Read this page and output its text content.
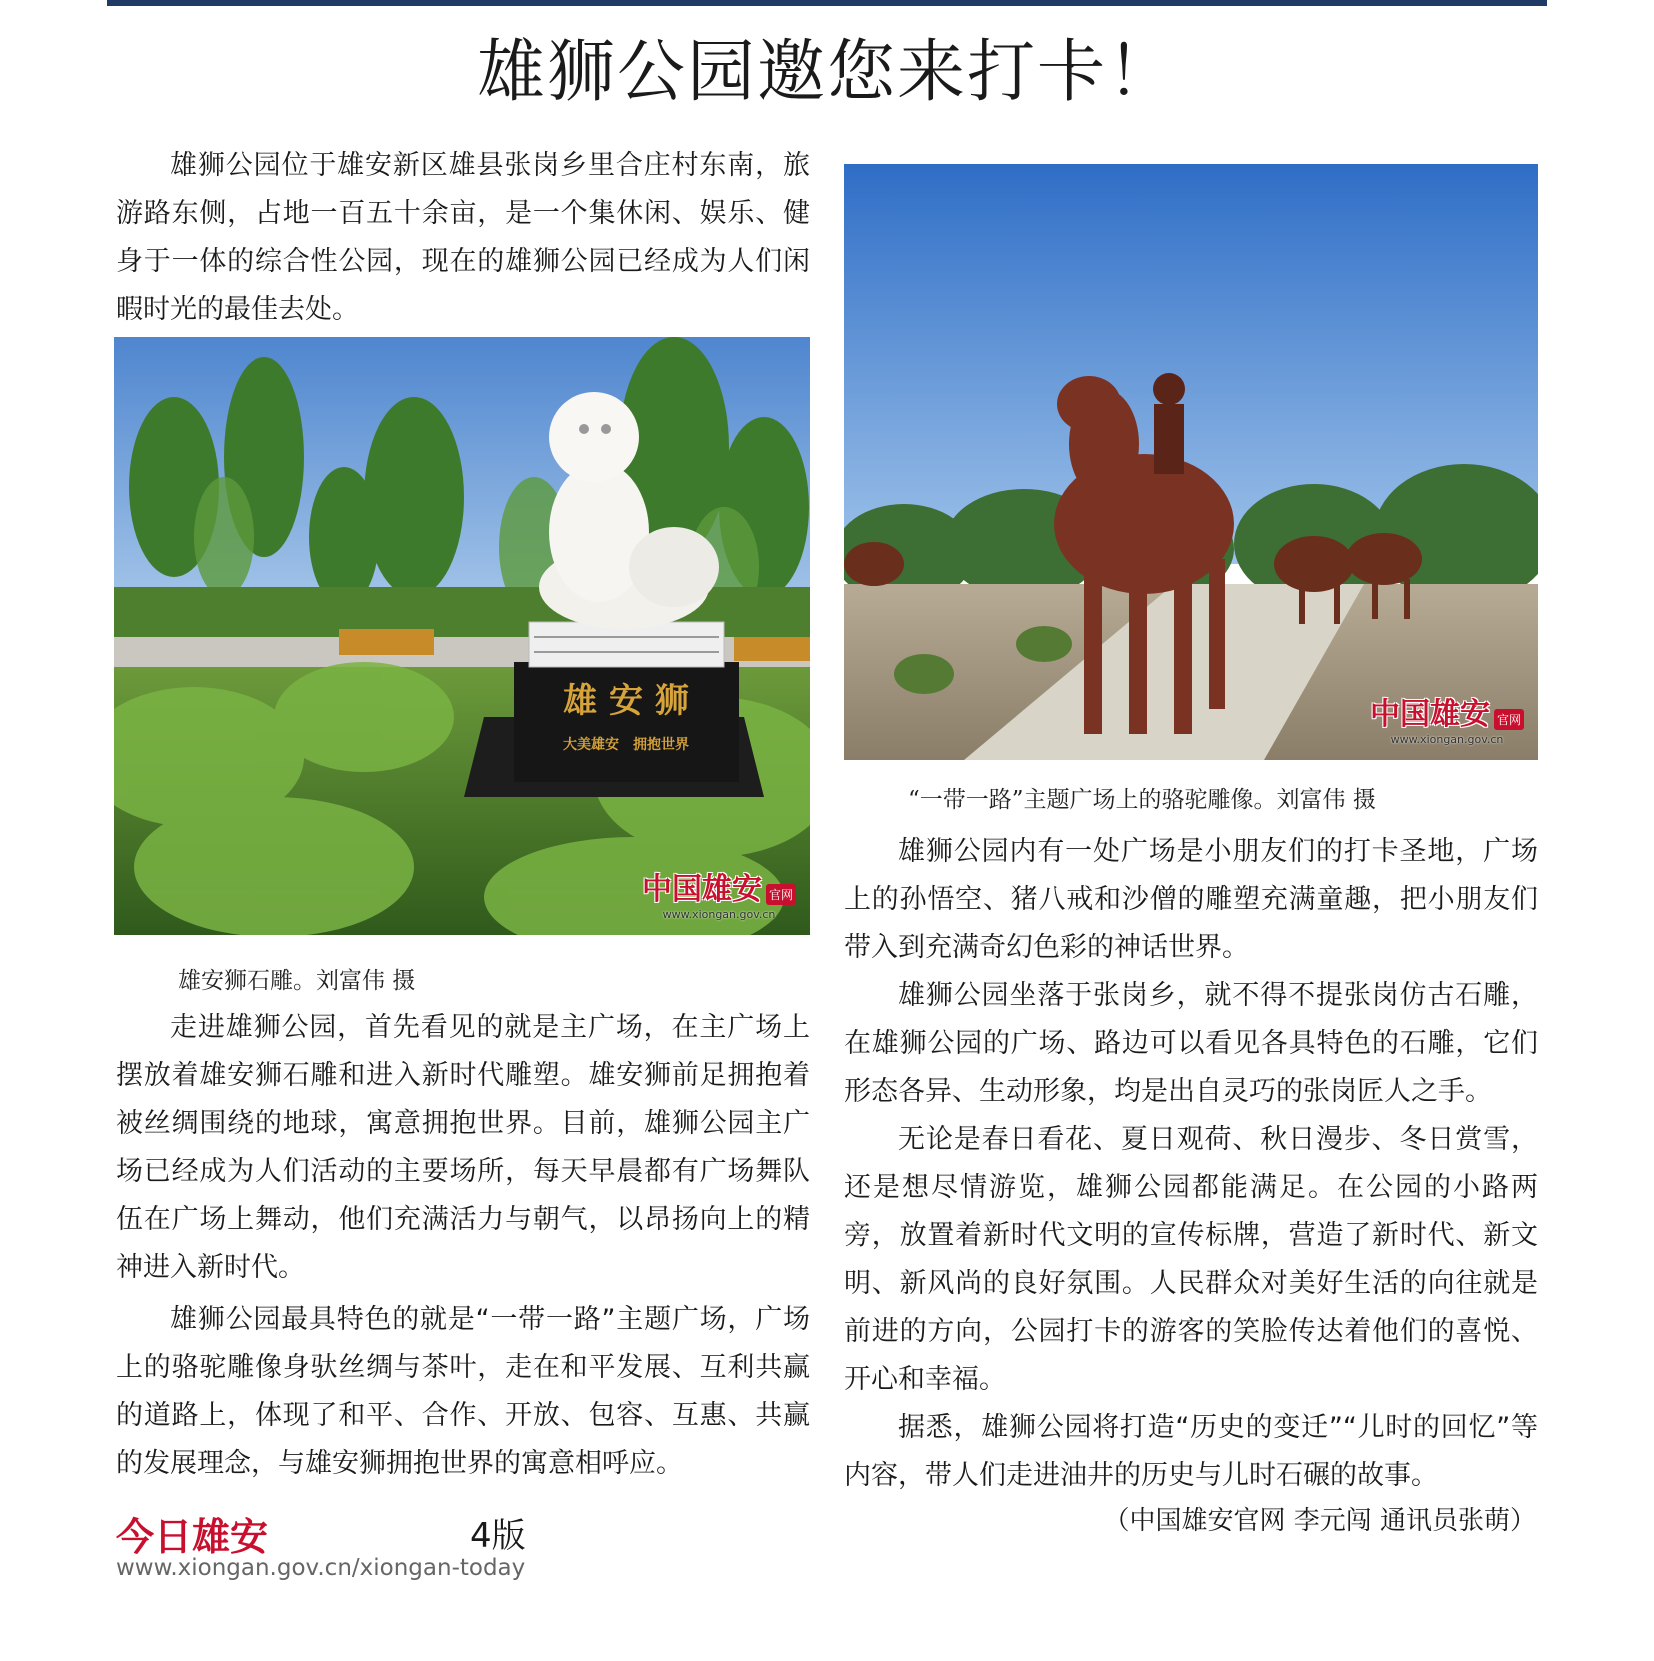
雄狮公园邀您来打卡！

雄狮公园位于雄安新区雄县张岗乡里合庄村东南，旅游路东侧，占地一百五十余亩，是一个集休闲、娱乐、健身于一体的综合性公园，现在的雄狮公园已经成为人们闲暇时光的最佳去处。

雄 安 狮
大美雄安　拥抱世界
中国雄安 官网
www.xiongan.gov.cn
雄安狮石雕。刘富伟 摄

走进雄狮公园，首先看见的就是主广场，在主广场上摆放着雄安狮石雕和进入新时代雕塑。雄安狮前足拥抱着被丝绸围绕的地球，寓意拥抱世界。目前，雄狮公园主广场已经成为人们活动的主要场所，每天早晨都有广场舞队伍在广场上舞动，他们充满活力与朝气，以昂扬向上的精神进入新时代。

雄狮公园最具特色的就是“一带一路”主题广场，广场上的骆驼雕像身驮丝绸与茶叶，走在和平发展、互利共赢的道路上，体现了和平、合作、开放、包容、互惠、共赢的发展理念，与雄安狮拥抱世界的寓意相呼应。

中国雄安 官网
www.xiongan.gov.cn
“一带一路”主题广场上的骆驼雕像。刘富伟 摄

雄狮公园内有一处广场是小朋友们的打卡圣地，广场上的孙悟空、猪八戒和沙僧的雕塑充满童趣，把小朋友们带入到充满奇幻色彩的神话世界。

雄狮公园坐落于张岗乡，就不得不提张岗仿古石雕，在雄狮公园的广场、路边可以看见各具特色的石雕，它们形态各异、生动形象，均是出自灵巧的张岗匠人之手。

无论是春日看花、夏日观荷、秋日漫步、冬日赏雪，还是想尽情游览，雄狮公园都能满足。在公园的小路两旁，放置着新时代文明的宣传标牌，营造了新时代、新文明、新风尚的良好氛围。人民群众对美好生活的向往就是前进的方向，公园打卡的游客的笑脸传达着他们的喜悦、开心和幸福。

据悉，雄狮公园将打造“历史的变迁”“儿时的回忆”等内容，带人们走进油井的历史与儿时石碾的故事。

（中国雄安官网 李元闯 通讯员张萌）
今日雄安	4版
www.xiongan.gov.cn/xiongan-today
